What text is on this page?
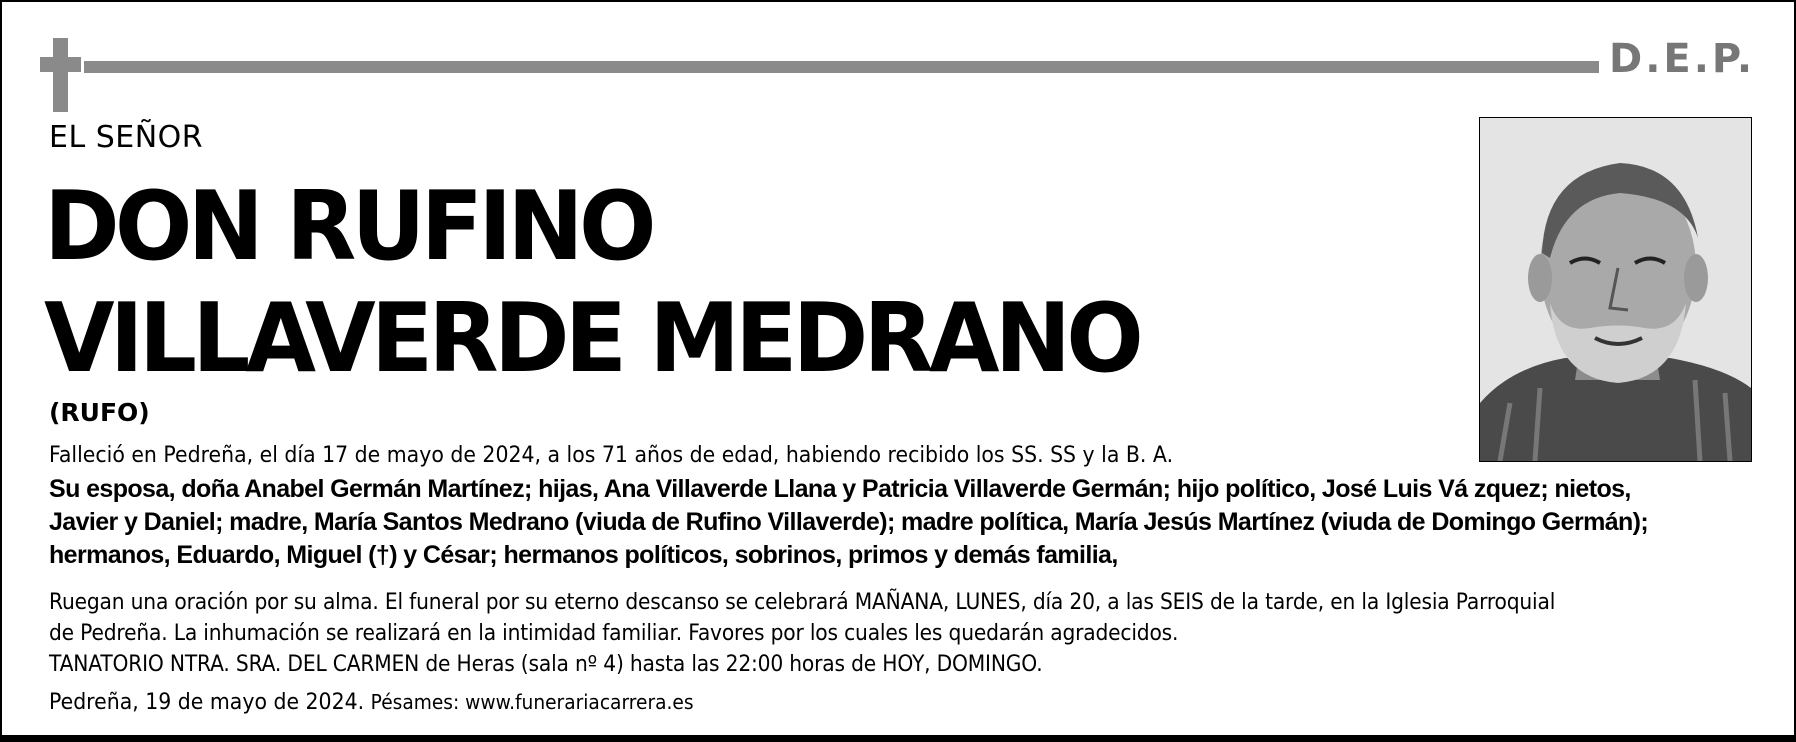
D.E.P.
EL SEÑOR
DON RUFINO
VILLAVERDE MEDRANO
(RUFO)
Falleció en Pedreña, el día 17 de mayo de 2024, a los 71 años de edad, habiendo recibido los SS. SS y la B. A.
Su esposa, doña Anabel Germán Martínez; hijas, Ana Villaverde Llana y Patricia Villaverde Germán; hijo político, José Luis Vá zquez; nietos,
Javier y Daniel; madre, María Santos Medrano (viuda de Rufino Villaverde); madre política, María Jesús Martínez (viuda de Domingo Germán);
hermanos, Eduardo, Miguel (†) y César; hermanos políticos, sobrinos, primos y demás familia,
Ruegan una oración por su alma. El funeral por su eterno descanso se celebrará MAÑANA, LUNES, día 20, a las SEIS de la tarde, en la Iglesia Parroquial
de Pedreña. La inhumación se realizará en la intimidad familiar. Favores por los cuales les quedarán agradecidos.
TANATORIO NTRA. SRA. DEL CARMEN de Heras (sala nº 4) hasta las 22:00 horas de HOY, DOMINGO.
Pedreña, 19 de mayo de 2024. Pésames: www.funerariacarrera.es
